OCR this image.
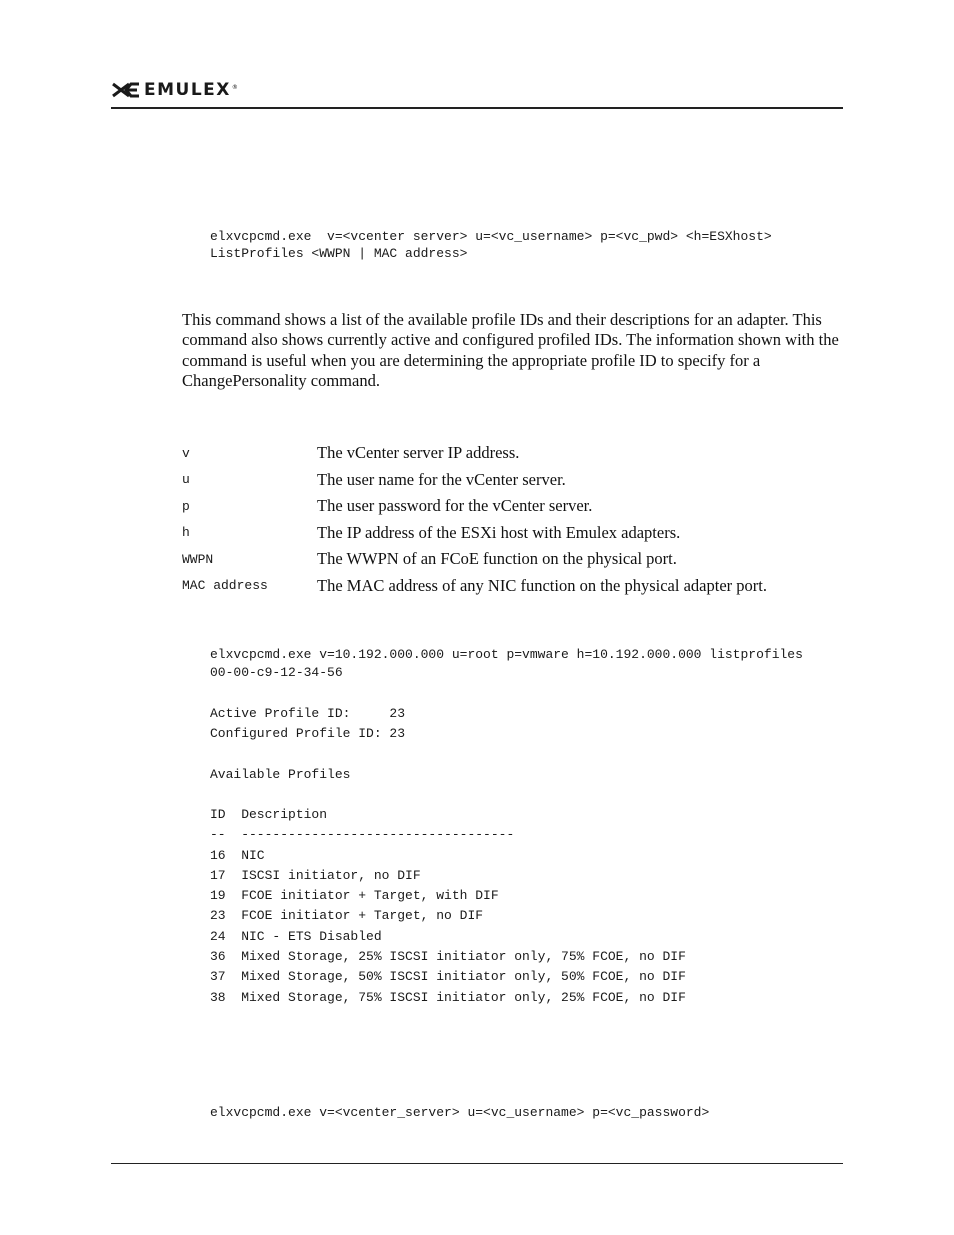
EMULEX ®
elxvcpcmd.exe  v=<vcenter server> u=<vc_username> p=<vc_pwd> <h=ESXhost>
ListProfiles <WWPN | MAC address>

This command shows a list of the available profile IDs and their descriptions for an adapter. This command also shows currently active and configured profiled IDs. The information shown with the command is useful when you are determining the appropriate profile ID to specify for a ChangePersonality command.

v	The vCenter server IP address.
u	The user name for the vCenter server.
p	The user password for the vCenter server.
h	The IP address of the ESXi host with Emulex adapters.
WWPN	The WWPN of an FCoE function on the physical port.
MAC address	The MAC address of any NIC function on the physical adapter port.
elxvcpcmd.exe v=10.192.000.000 u=root p=vmware h=10.192.000.000 listprofiles
00-00-c9-12-34-56
Active Profile ID:     23
Configured Profile ID: 23
Available Profiles
ID  Description
--  -----------------------------------
16  NIC
17  ISCSI initiator, no DIF
19  FCOE initiator + Target, with DIF
23  FCOE initiator + Target, no DIF
24  NIC - ETS Disabled
36  Mixed Storage, 25% ISCSI initiator only, 75% FCOE, no DIF
37  Mixed Storage, 50% ISCSI initiator only, 50% FCOE, no DIF
38  Mixed Storage, 75% ISCSI initiator only, 25% FCOE, no DIF
elxvcpcmd.exe v=<vcenter_server> u=<vc_username> p=<vc_password>
